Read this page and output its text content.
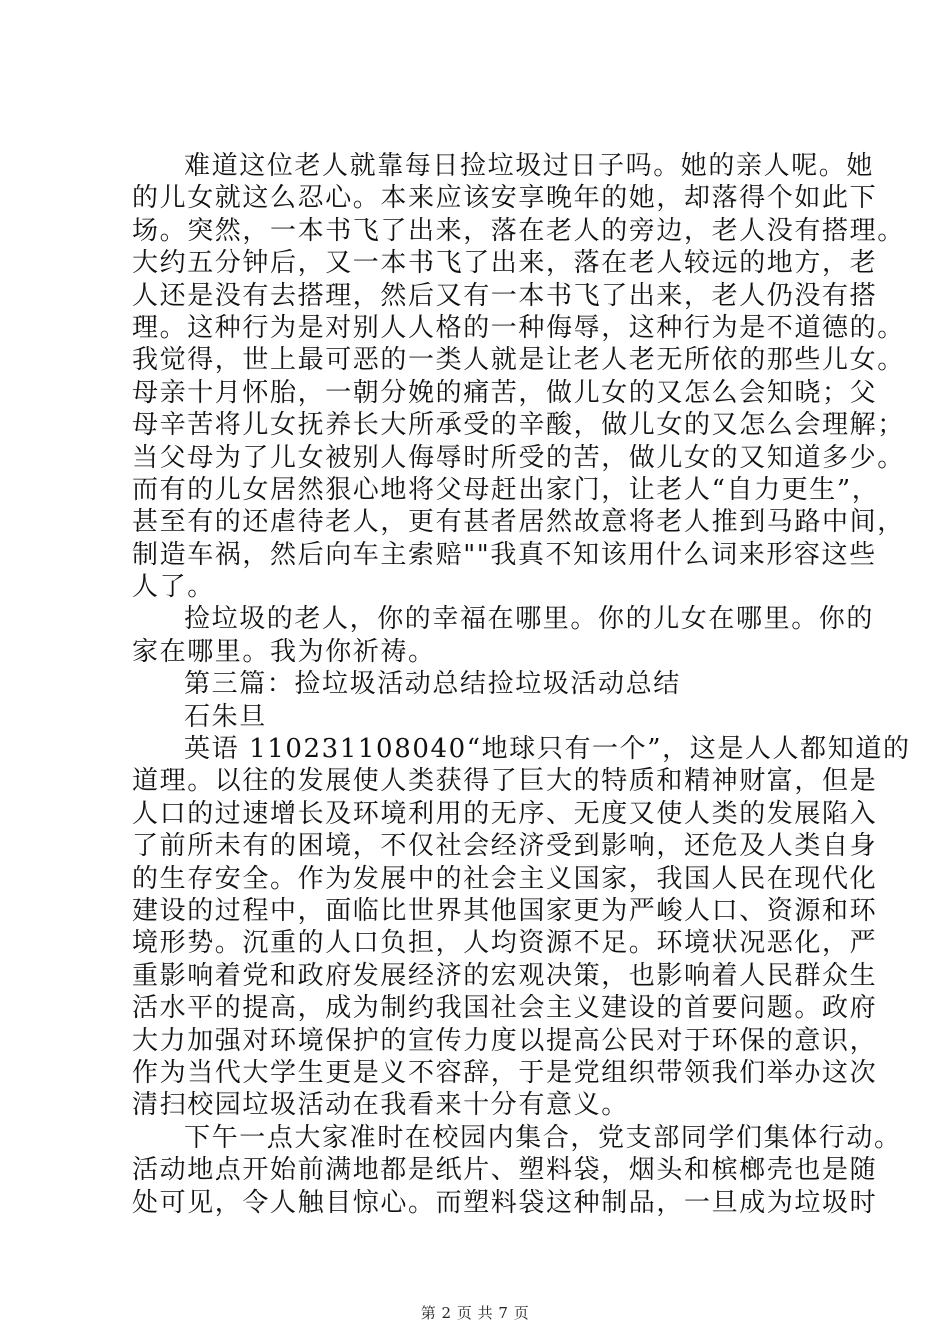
难道这位老人就靠每日捡垃圾过日子吗。她的亲人呢。她
的儿女就这么忍心。本来应该安享晚年的她，却落得个如此下
场。突然，一本书飞了出来，落在老人的旁边，老人没有搭理。
大约五分钟后，又一本书飞了出来，落在老人较远的地方，老
人还是没有去搭理，然后又有一本书飞了出来，老人仍没有搭
理。这种行为是对别人人格的一种侮辱，这种行为是不道德的。
我觉得，世上最可恶的一类人就是让老人老无所依的那些儿女。
母亲十月怀胎，一朝分娩的痛苦，做儿女的又怎么会知晓；父
母辛苦将儿女抚养长大所承受的辛酸，做儿女的又怎么会理解；
当父母为了儿女被别人侮辱时所受的苦，做儿女的又知道多少。
而有的儿女居然狠心地将父母赶出家门，让老人“自力更生”，
甚至有的还虐待老人，更有甚者居然故意将老人推到马路中间，
制造车祸，然后向车主索赔""我真不知该用什么词来形容这些
人了。
捡垃圾的老人，你的幸福在哪里。你的儿女在哪里。你的
家在哪里。我为你祈祷。
第三篇：捡垃圾活动总结捡垃圾活动总结
石朱旦
英语 110231108040“地球只有一个”，这是人人都知道的
道理。以往的发展使人类获得了巨大的特质和精神财富，但是
人口的过速增长及环境利用的无序、无度又使人类的发展陷入
了前所未有的困境，不仅社会经济受到影响，还危及人类自身
的生存安全。作为发展中的社会主义国家，我国人民在现代化
建设的过程中，面临比世界其他国家更为严峻人口、资源和环
境形势。沉重的人口负担，人均资源不足。环境状况恶化，严
重影响着党和政府发展经济的宏观决策，也影响着人民群众生
活水平的提高，成为制约我国社会主义建设的首要问题。政府
大力加强对环境保护的宣传力度以提高公民对于环保的意识，
作为当代大学生更是义不容辞，于是党组织带领我们举办这次
清扫校园垃圾活动在我看来十分有意义。
下午一点大家准时在校园内集合，党支部同学们集体行动。
活动地点开始前满地都是纸片、塑料袋，烟头和槟榔壳也是随
处可见，令人触目惊心。而塑料袋这种制品，一旦成为垃圾时
第 2 页 共 7 页
